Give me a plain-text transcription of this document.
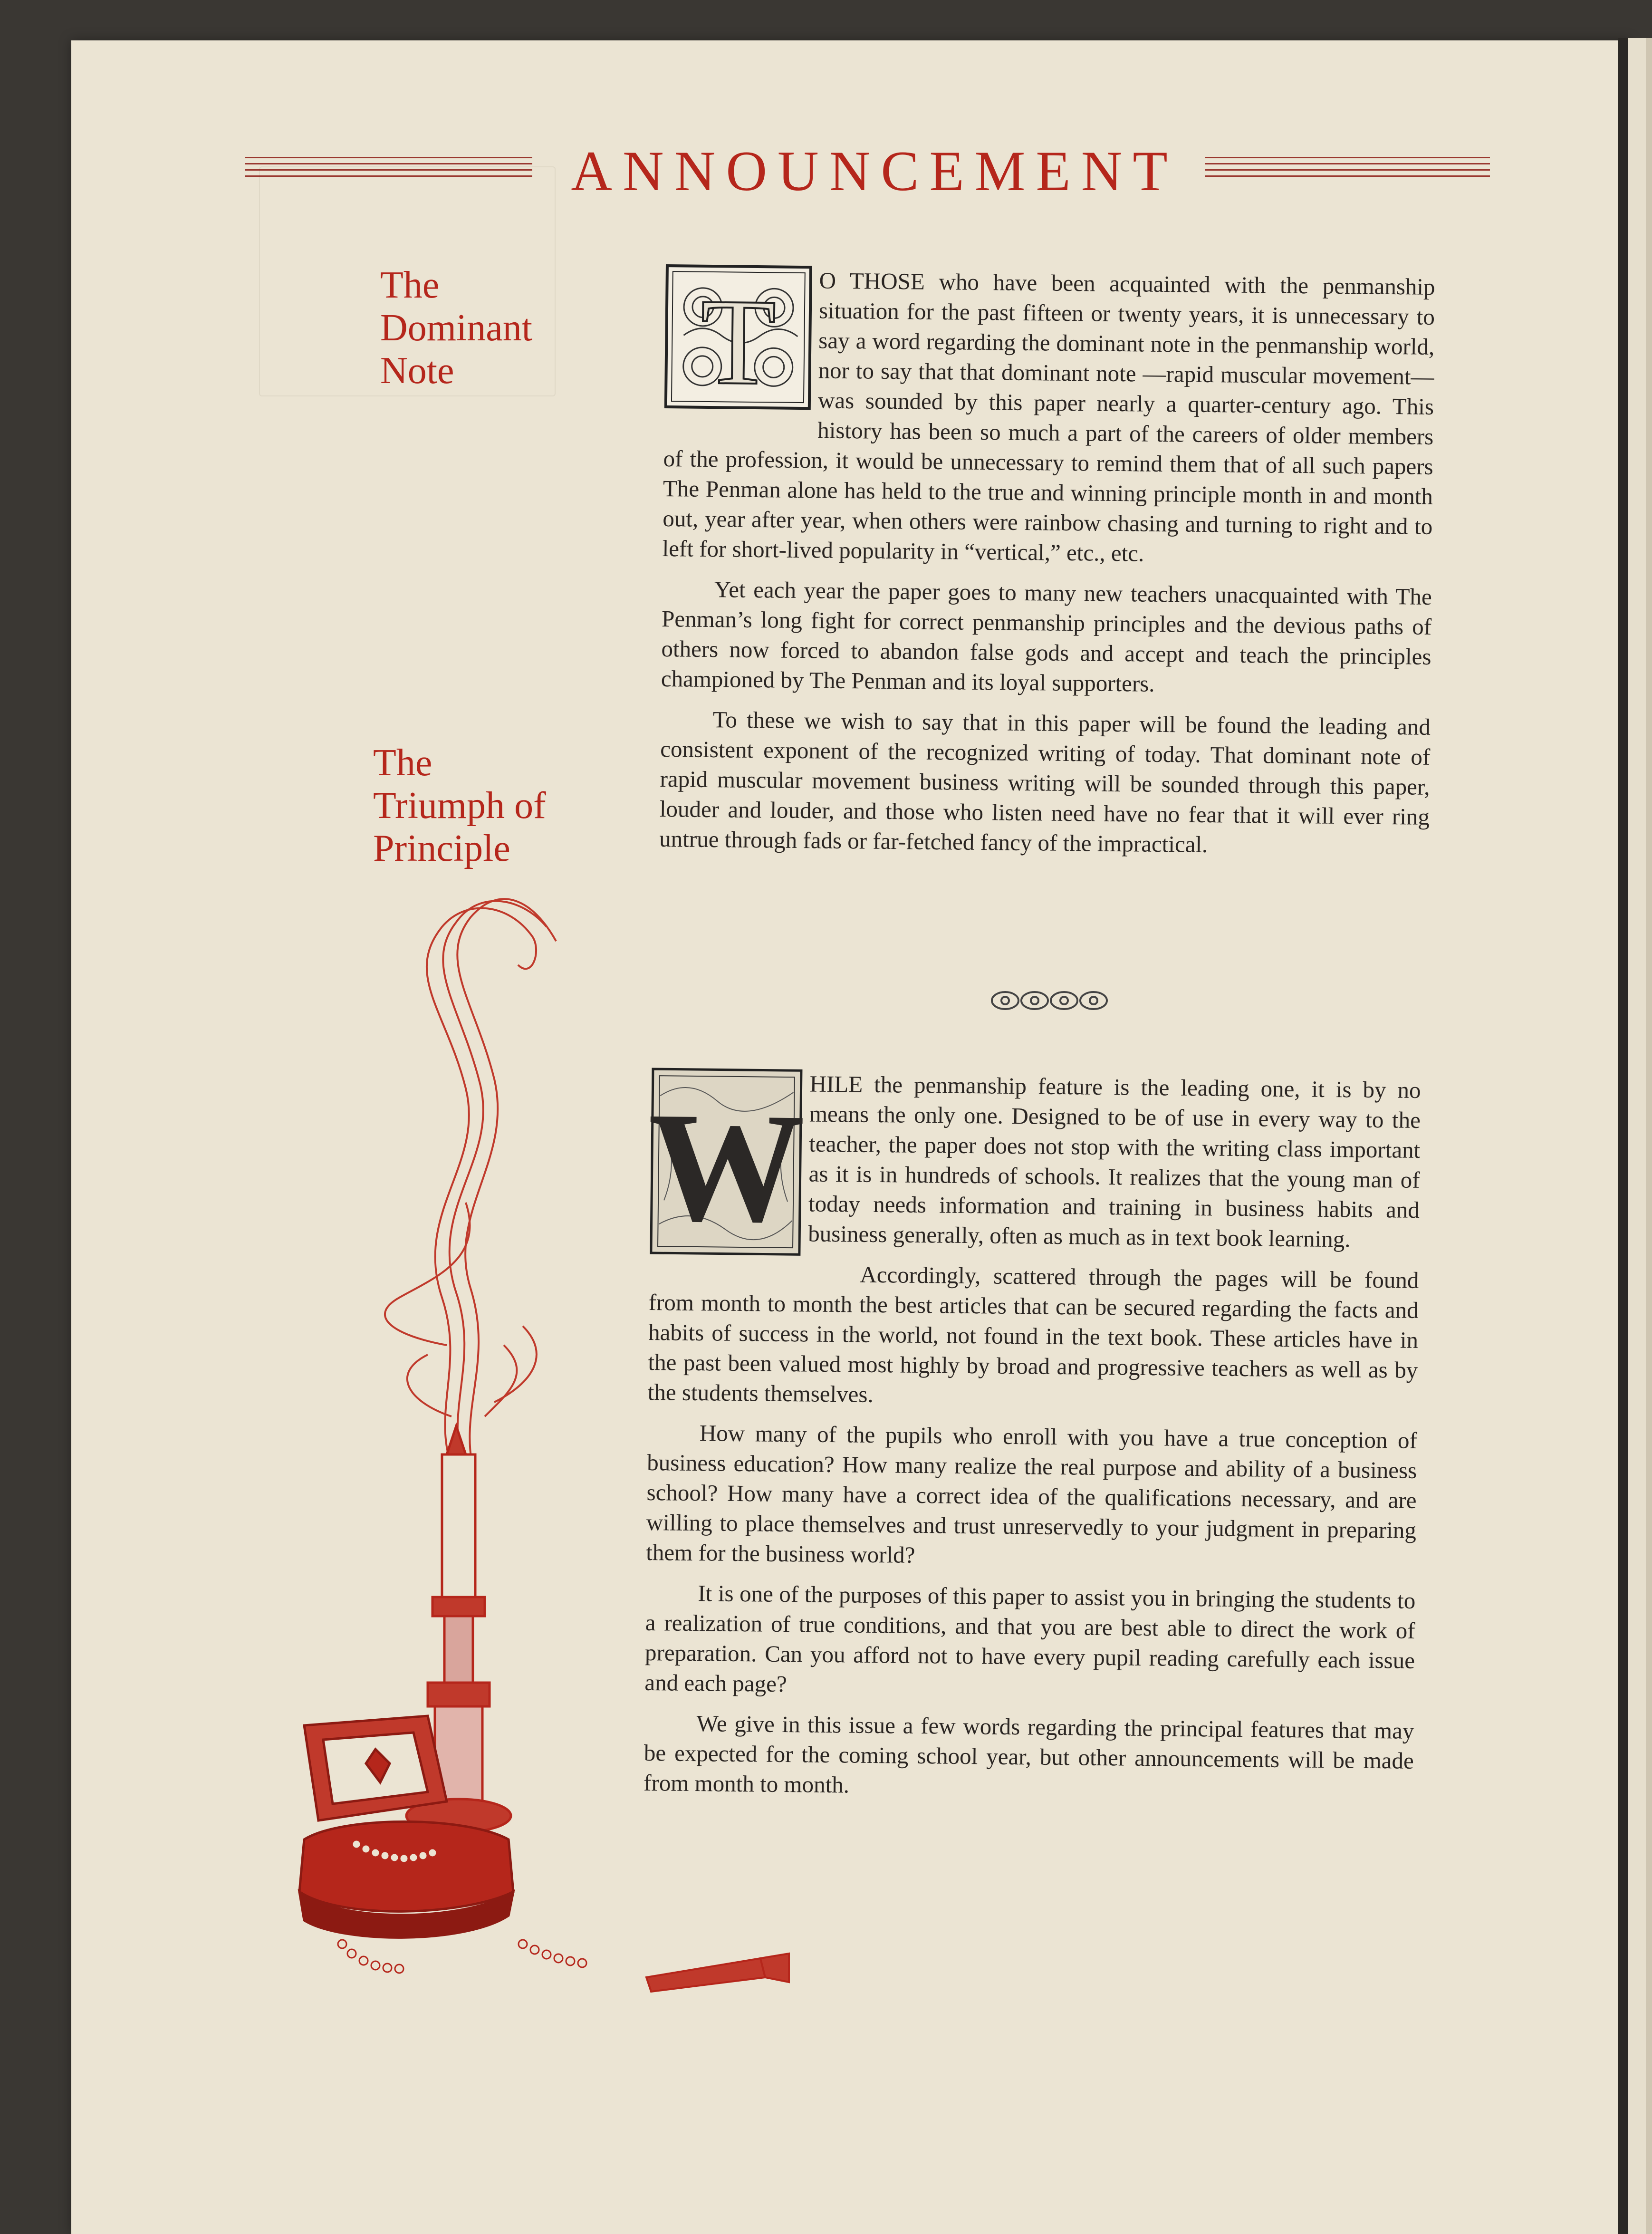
ANNOUNCEMENT
The
Dominant
Note
The
Triumph of
Principle

T O THOSE who have been acquainted with the penmanship situation for the past fifteen or twenty years, it is unnecessary to say a word regarding the dominant note in the penmanship world, nor to say that that dominant note —rapid muscular movement—was sounded by this paper nearly a quarter-century ago. This history has been so much a part of the careers of older members of the profession, it would be unnecessary to remind them that of all such papers The Penman alone has held to the true and winning principle month in and month out, year after year, when others were rainbow chasing and turning to right and to left for short-lived popularity in “vertical,” etc., etc.

Yet each year the paper goes to many new teachers unacquainted with The Penman’s long fight for correct penmanship principles and the devious paths of others now forced to abandon false gods and accept and teach the principles championed by The Penman and its loyal supporters.

To these we wish to say that in this paper will be found the leading and consistent exponent of the recognized writing of today. That dominant note of rapid muscular movement business writing will be sounded through this paper, louder and louder, and those who listen need have no fear that it will ever ring untrue through fads or far-fetched fancy of the impractical.

W HILE the penmanship feature is the leading one, it is by no means the only one. Designed to be of use in every way to the teacher, the paper does not stop with the writing class important as it is in hundreds of schools. It realizes that the young man of today needs information and training in business habits and business generally, often as much as in text book learning.

Accordingly, scattered through the pages will be found from month to month the best articles that can be secured regarding the facts and habits of success in the world, not found in the text book. These articles have in the past been valued most highly by broad and progressive teachers as well as by the students themselves.

How many of the pupils who enroll with you have a true conception of business education? How many realize the real purpose and ability of a business school? How many have a correct idea of the qualifications necessary, and are willing to place themselves and trust unreservedly to your judgment in preparing them for the business world?

It is one of the purposes of this paper to assist you in bringing the students to a realization of true conditions, and that you are best able to direct the work of preparation. Can you afford not to have every pupil reading carefully each issue and each page?

We give in this issue a few words regarding the principal features that may be expected for the coming school year, but other announcements will be made from month to month.
